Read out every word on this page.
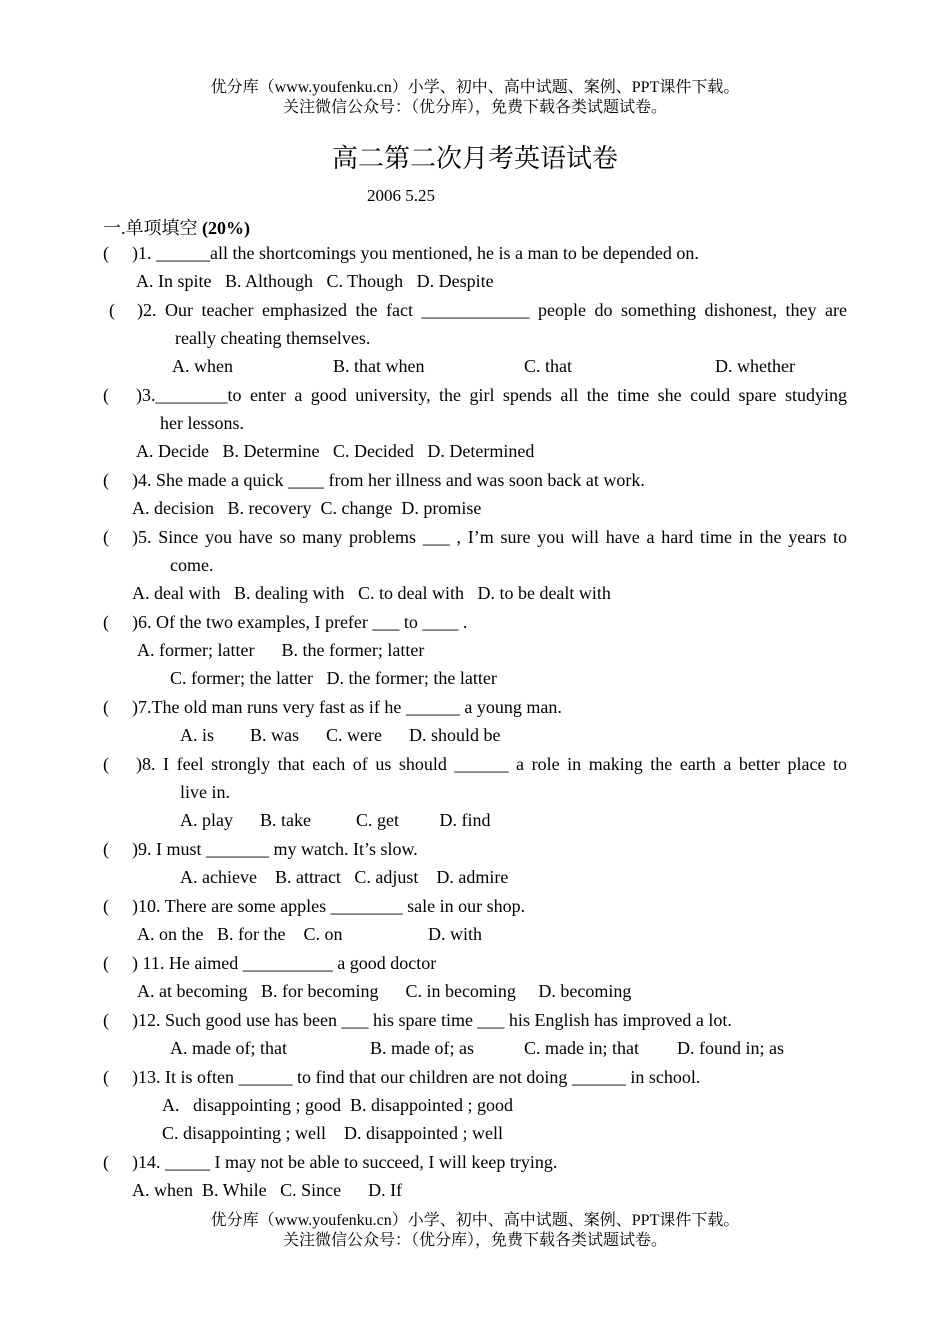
优分库（www.youfenku.cn）小学、初中、高中试题、案例、PPT课件下载。
关注微信公众号：（优分库），免费下载各类试题试卷。
高二第二次月考英语试卷
2006 5.25
一.单项填空 (20%)
( )1. ______all the shortcomings you mentioned, he is a man to be depended on.
A. In spite   B. Although   C. Though   D. Despite
( )2. Our teacher emphasized the fact ____________ people do something dishonest, they are
really cheating themselves.
A. when	B. that when	C. that	D. whether
( )3.________to enter a good university, the girl spends all the time she could spare studying
her lessons.
A. Decide   B. Determine   C. Decided   D. Determined
( )4. She made a quick ____ from her illness and was soon back at work.
A. decision   B. recovery  C. change  D. promise
( )5. Since you have so many problems ___ , I’m sure you will have a hard time in the years to
come.
A. deal with   B. dealing with   C. to deal with   D. to be dealt with
( )6. Of the two examples, I prefer ___ to ____ .
A. former; latter      B. the former; latter
C. former; the latter   D. the former; the latter
( )7.The old man runs very fast as if he ______ a young man.
A. is        B. was      C. were      D. should be
( )8. I feel strongly that each of us should ______ a role in making the earth a better place to
live in.
A. play      B. take          C. get         D. find
( )9. I must _______ my watch. It’s slow.
A. achieve    B. attract   C. adjust    D. admire
( )10. There are some apples ________ sale in our shop.
A. on the   B. for the    C. on                   D. with
( ) 11. He aimed __________ a good doctor
A. at becoming   B. for becoming      C. in becoming     D. becoming
( )12. Such good use has been ___ his spare time ___ his English has improved a lot.
A. made of; that	B. made of; as	C. made in; that D. found in; as
( )13. It is often ______ to find that our children are not doing ______ in school.
A.   disappointing ; good  B. disappointed ; good
C. disappointing ; well    D. disappointed ; well
( )14. _____ I may not be able to succeed, I will keep trying.
A. when  B. While   C. Since      D. If
优分库（www.youfenku.cn）小学、初中、高中试题、案例、PPT课件下载。
关注微信公众号：（优分库），免费下载各类试题试卷。
